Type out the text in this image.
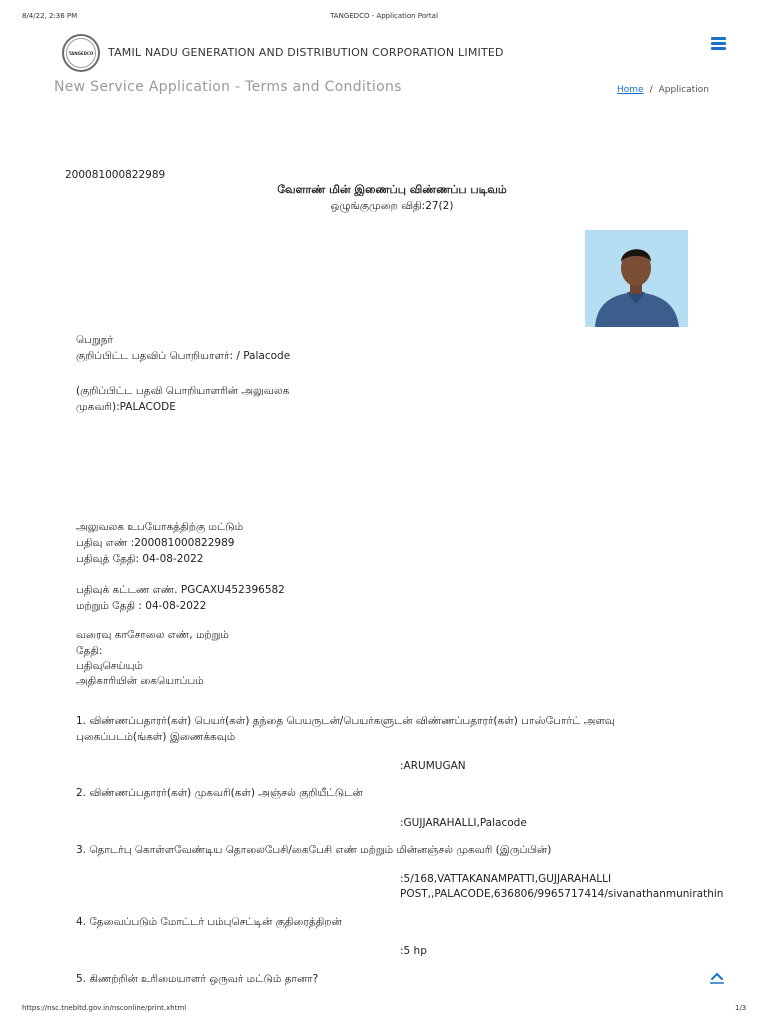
8/4/22, 2:36 PM	TANGEDCO - Application Portal
TANGEDCO TAMIL NADU GENERATION AND DISTRIBUTION CORPORATION LIMITED
New Service Application - Terms and Conditions	Home / Application
200081000822989
வேளாண் மின் இணைப்பு விண்ணப்ப படிவம்
ஒழுங்குமுறை விதி:27(2)
பெறுநர்
குறிப்பிட்ட பதவிப் பொறியாளர்: / Palacode
(குறிப்பிட்ட பதவி பொறியாளரின் அலுவலக
முகவரி):PALACODE
அலுவலக உபயோகத்திற்கு மட்டும்
பதிவு எண் :200081000822989
பதிவுத் தேதி: 04-08-2022
பதிவுக் கட்டண எண். PGCAXU452396582
மற்றும் தேதி : 04-08-2022
வரைவு காசோலை எண், மற்றும்
தேதி:
பதிவுசெய்யும்
அதிகாரியின் கையொப்பம்
1. விண்ணப்பதாரர்(கள்) பெயர்(கள்) தந்தை பெயருடன்/பெயர்களுடன் விண்ணப்பதாரர்(கள்) பாஸ்போர்ட் அளவு
புகைப்படம்(ங்கள்) இணைக்கவும்
:ARUMUGAN
2. விண்ணப்பதாரர்(கள்) முகவரி(கள்) அஞ்சல் குறியீட்டுடன்
:GUJJARAHALLI,Palacode
3. தொடர்பு கொள்ளவேண்டிய தொலைபேசி/கைபேசி எண் மற்றும் மின்னஞ்சல் முகவரி (இருப்பின்)
:5/168,VATTAKANAMPATTI,GUJJARAHALLI
POST,,PALACODE,636806/9965717414/sivanathanmunirathin
4. தேவைப்படும் மோட்டர் பம்புசெட்டின் குதிரைத்திறன்
:5 hp
5. கிணற்றின் உரிமையாளர் ஒருவர் மட்டும் தானா?
https://nsc.tnebltd.gov.in/nsconline/print.xhtml	1/3
